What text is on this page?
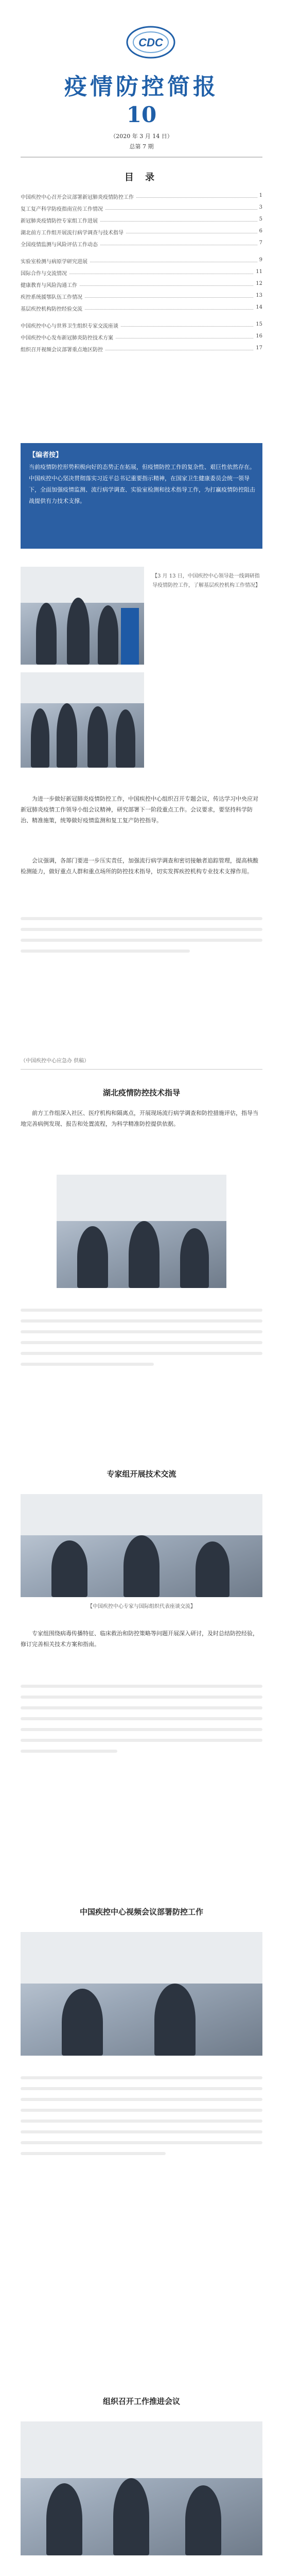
CDC
疫情防控简报
10
（2020 年 3 月 14 日）
总第 7 期
目 录
中国疾控中心召开会议部署新冠肺炎疫情防控工作	1
复工复产科学防疫指南宣传工作情况	3
新冠肺炎疫情防控专家组工作进展	5
湖北前方工作组开展流行病学调查与技术指导	6
全国疫情监测与风险评估工作动态	7
实验室检测与病原学研究进展	9
国际合作与交流情况	11
健康教育与风险沟通工作	12
疾控系统援鄂队伍工作情况	13
基层疾控机构防控经验交流	14
中国疾控中心与世界卫生组织专家交流座谈	15
中国疾控中心发布新冠肺炎防控技术方案	16
组织召开视频会议部署重点地区防控	17
【编者按】
当前疫情防控形势积极向好的态势正在拓展，但疫情防控工作的复杂性、艰巨性依然存在。中国疾控中心坚决贯彻落实习近平总书记重要指示精神，在国家卫生健康委员会统一领导下，全面加强疫情监测、流行病学调查、实验室检测和技术指导工作，为打赢疫情防控阻击战提供有力技术支撑。
【3 月 13 日，中国疾控中心领导赴一线调研指导疫情防控工作，了解基层疾控机构工作情况】
为进一步做好新冠肺炎疫情防控工作，中国疾控中心组织召开专题会议，传达学习中央应对新冠肺炎疫情工作领导小组会议精神，研究部署下一阶段重点工作。会议要求，要坚持科学防治、精准施策，统筹做好疫情监测和复工复产防控指导。
会议强调，各部门要进一步压实责任，加强流行病学调查和密切接触者追踪管理，提高核酸检测能力，做好重点人群和重点场所的防控技术指导，切实发挥疾控机构专业技术支撑作用。
（中国疾控中心应急办 供稿）
湖北疫情防控技术指导
前方工作组深入社区、医疗机构和隔离点，开展现场流行病学调查和防控措施评估，指导当地完善病例发现、报告和处置流程，为科学精准防控提供依据。
专家组开展技术交流
【中国疾控中心专家与国际组织代表座谈交流】
专家组围绕病毒传播特征、临床救治和防控策略等问题开展深入研讨，及时总结防控经验，修订完善相关技术方案和指南。
中国疾控中心视频会议部署防控工作
组织召开工作推进会议
